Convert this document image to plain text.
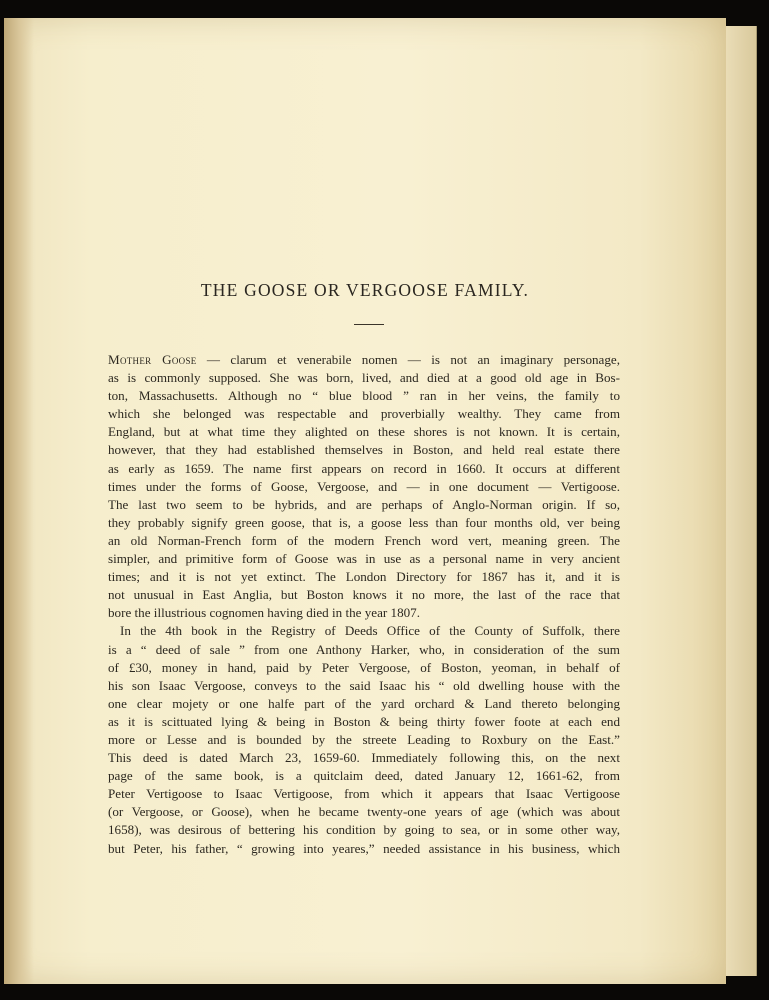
THE GOOSE OR VERGOOSE FAMILY.
Mother Goose — clarum et venerabile nomen — is not an imaginary personage,
as is commonly supposed. She was born, lived, and died at a good old age in Bos-
ton, Massachusetts. Although no “ blue blood ” ran in her veins, the family to
which she belonged was respectable and proverbially wealthy. They came from
England, but at what time they alighted on these shores is not known. It is certain,
however, that they had established themselves in Boston, and held real estate there
as early as 1659. The name first appears on record in 1660. It occurs at different
times under the forms of Goose, Vergoose, and — in one document — Vertigoose.
The last two seem to be hybrids, and are perhaps of Anglo-Norman origin. If so,
they probably signify green goose, that is, a goose less than four months old, ver being
an old Norman-French form of the modern French word vert, meaning green. The
simpler, and primitive form of Goose was in use as a personal name in very ancient
times; and it is not yet extinct. The London Directory for 1867 has it, and it is
not unusual in East Anglia, but Boston knows it no more, the last of the race that
bore the illustrious cognomen having died in the year 1807.
In the 4th book in the Registry of Deeds Office of the County of Suffolk, there
is a “ deed of sale ” from one Anthony Harker, who, in consideration of the sum
of £30, money in hand, paid by Peter Vergoose, of Boston, yeoman, in behalf of
his son Isaac Vergoose, conveys to the said Isaac his “ old dwelling house with the
one clear mojety or one halfe part of the yard orchard & Land thereto belonging
as it is scittuated lying & being in Boston & being thirty fower foote at each end
more or Lesse and is bounded by the streete Leading to Roxbury on the East.”
This deed is dated March 23, 1659-60. Immediately following this, on the next
page of the same book, is a quitclaim deed, dated January 12, 1661-62, from
Peter Vertigoose to Isaac Vertigoose, from which it appears that Isaac Vertigoose
(or Vergoose, or Goose), when he became twenty-one years of age (which was about
1658), was desirous of bettering his condition by going to sea, or in some other way,
but Peter, his father, “ growing into yeares,” needed assistance in his business, which
